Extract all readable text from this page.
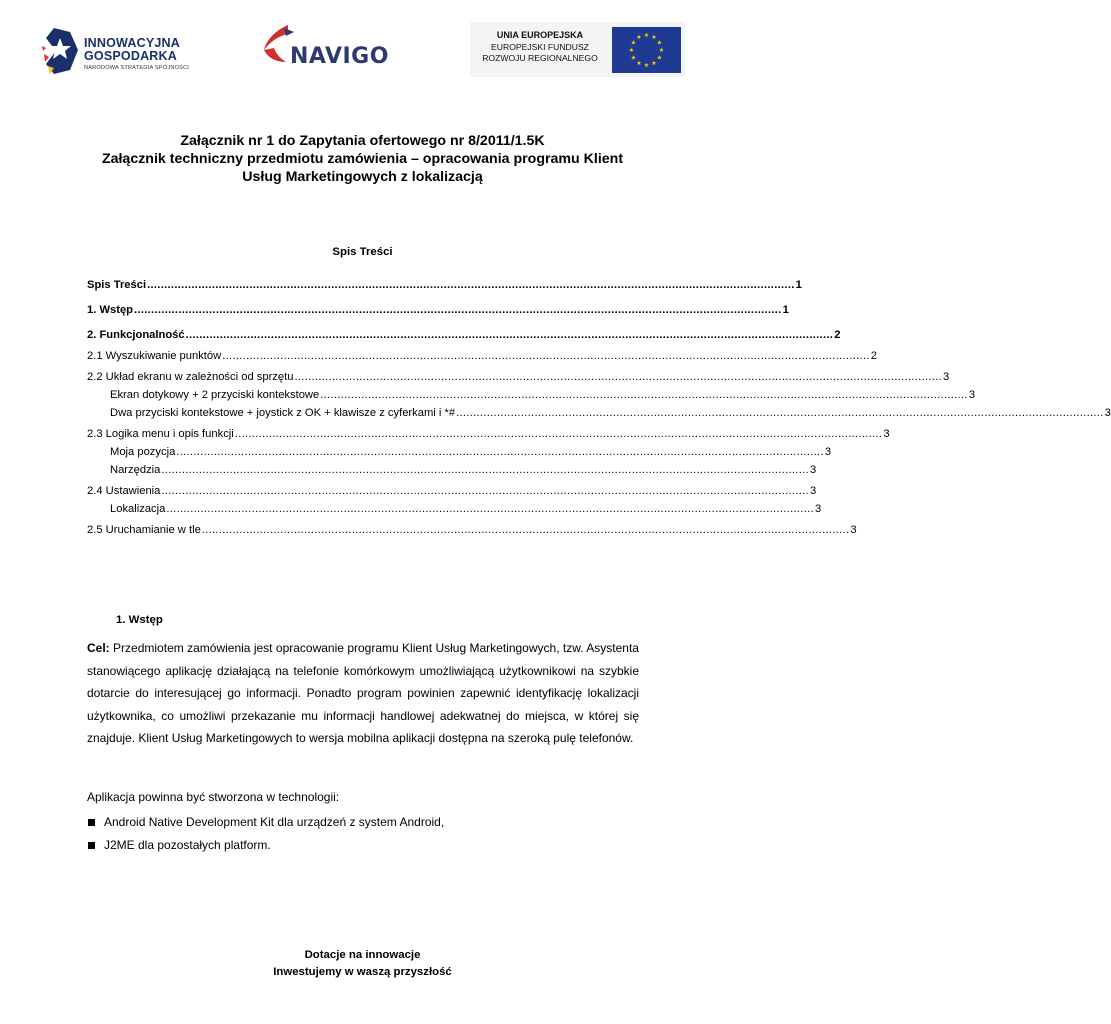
INNOWACYJNA
GOSPODARKA
NARODOWA STRATEGIA SPÓJNOŚCI	NAVIGO
UNIA EUROPEJSKA
EUROPEJSKI FUNDUSZ
ROZWOJU REGIONALNEGO
★ ★
★
★
★
★
★
★
★
★
★
★
Załącznik nr 1 do Zapytania ofertowego nr 8/2011/1.5K
Załącznik techniczny przedmiotu zamówienia – opracowania programu Klient
Usług Marketingowych z lokalizacją
Spis Treści
Spis Treści .............................................................................................................................................................................................. 1
1. Wstęp .............................................................................................................................................................................................. 1
2. Funkcjonalność .............................................................................................................................................................................................. 2
2.1 Wyszukiwanie punktów .............................................................................................................................................................................................. 2
2.2 Układ ekranu w zależności od sprzętu .............................................................................................................................................................................................. 3
Ekran dotykowy + 2 przyciski kontekstowe .............................................................................................................................................................................................. 3
Dwa przyciski kontekstowe + joystick z OK + klawisze z cyferkami i *# .............................................................................................................................................................................................. 3
2.3 Logika menu i opis funkcji .............................................................................................................................................................................................. 3
Moja pozycja .............................................................................................................................................................................................. 3
Narzędzia .............................................................................................................................................................................................. 3
2.4 Ustawienia .............................................................................................................................................................................................. 3
Lokalizacja .............................................................................................................................................................................................. 3
2.5 Uruchamianie w tle .............................................................................................................................................................................................. 3
1. Wstęp
Cel: Przedmiotem zamówienia jest opracowanie programu Klient Usług Marketingowych, tzw. Asystenta stanowiącego aplikację działającą na telefonie komórkowym umożliwiającą użytkownikowi na szybkie dotarcie do interesującej go informacji. Ponadto program powinien zapewnić identyfikację lokalizacji użytkownika, co umożliwi przekazanie mu informacji handlowej adekwatnej do miejsca, w której się znajduje. Klient Usług Marketingowych to wersja mobilna aplikacji dostępna na szeroką pulę telefonów.
Aplikacja powinna być stworzona w technologii:
Android Native Development Kit dla urządzeń z system Android,
J2ME dla pozostałych platform.
Dotacje na innowacje
Inwestujemy w waszą przyszłość
